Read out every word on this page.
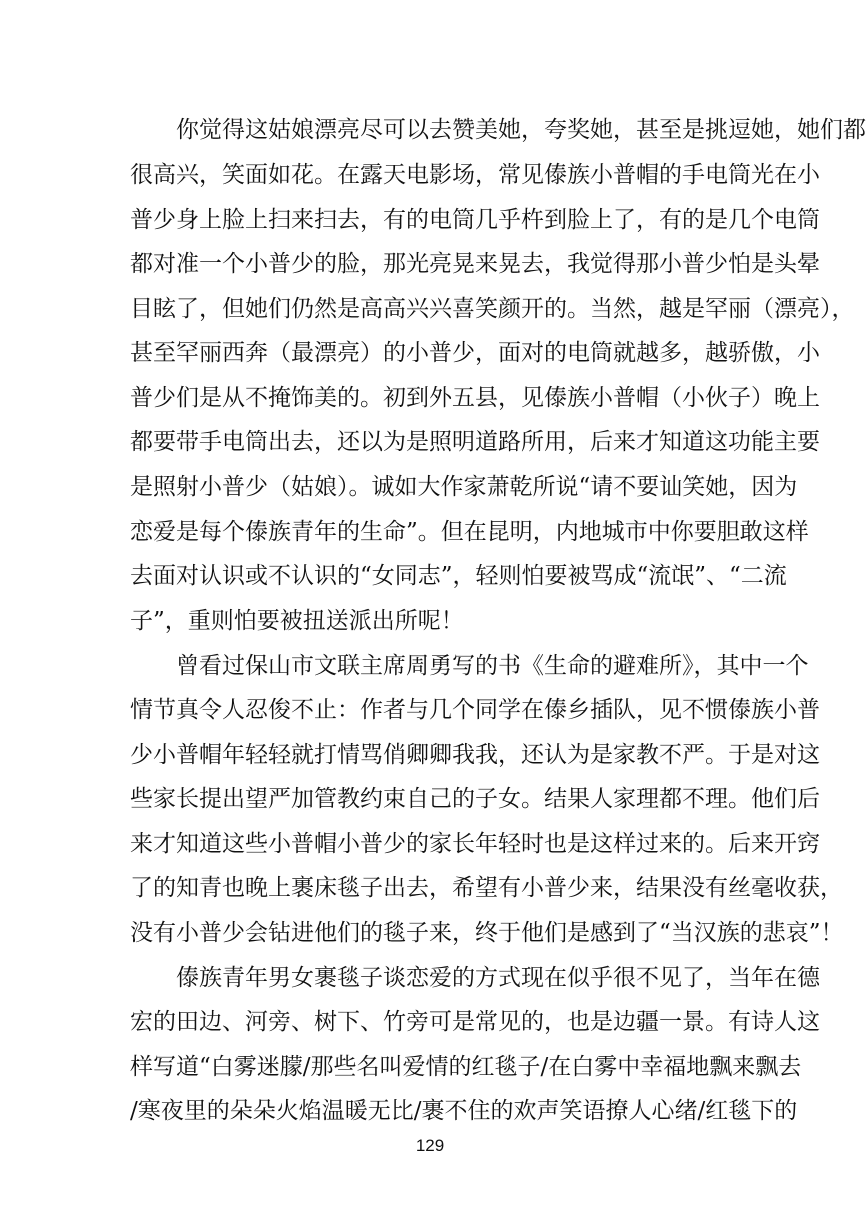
你觉得这姑娘漂亮尽可以去赞美她，夸奖她，甚至是挑逗她，她们都
很高兴，笑面如花。在露天电影场，常见傣族小普帽的手电筒光在小
普少身上脸上扫来扫去，有的电筒几乎杵到脸上了，有的是几个电筒
都对准一个小普少的脸，那光亮晃来晃去，我觉得那小普少怕是头晕
目眩了，但她们仍然是高高兴兴喜笑颜开的。当然，越是罕丽（漂亮），
甚至罕丽西奔（最漂亮）的小普少，面对的电筒就越多，越骄傲，小
普少们是从不掩饰美的。初到外五县，见傣族小普帽（小伙子）晚上
都要带手电筒出去，还以为是照明道路所用，后来才知道这功能主要
是照射小普少（姑娘）。诚如大作家萧乾所说“请不要讪笑她，因为
恋爱是每个傣族青年的生命”。但在昆明，内地城市中你要胆敢这样
去面对认识或不认识的“女同志”，轻则怕要被骂成“流氓”、“二流
子”，重则怕要被扭送派出所呢！
曾看过保山市文联主席周勇写的书《生命的避难所》，其中一个
情节真令人忍俊不止：作者与几个同学在傣乡插队，见不惯傣族小普
少小普帽年轻轻就打情骂俏卿卿我我，还认为是家教不严。于是对这
些家长提出望严加管教约束自己的子女。结果人家理都不理。他们后
来才知道这些小普帽小普少的家长年轻时也是这样过来的。后来开窍
了的知青也晚上裹床毯子出去，希望有小普少来，结果没有丝毫收获，
没有小普少会钻进他们的毯子来，终于他们是感到了“当汉族的悲哀”！
傣族青年男女裹毯子谈恋爱的方式现在似乎很不见了，当年在德
宏的田边、河旁、树下、竹旁可是常见的，也是边疆一景。有诗人这
样写道“白雾迷朦/那些名叫爱情的红毯子/在白雾中幸福地飘来飘去
/寒夜里的朵朵火焰温暖无比/裹不住的欢声笑语撩人心绪/红毯下的
129
